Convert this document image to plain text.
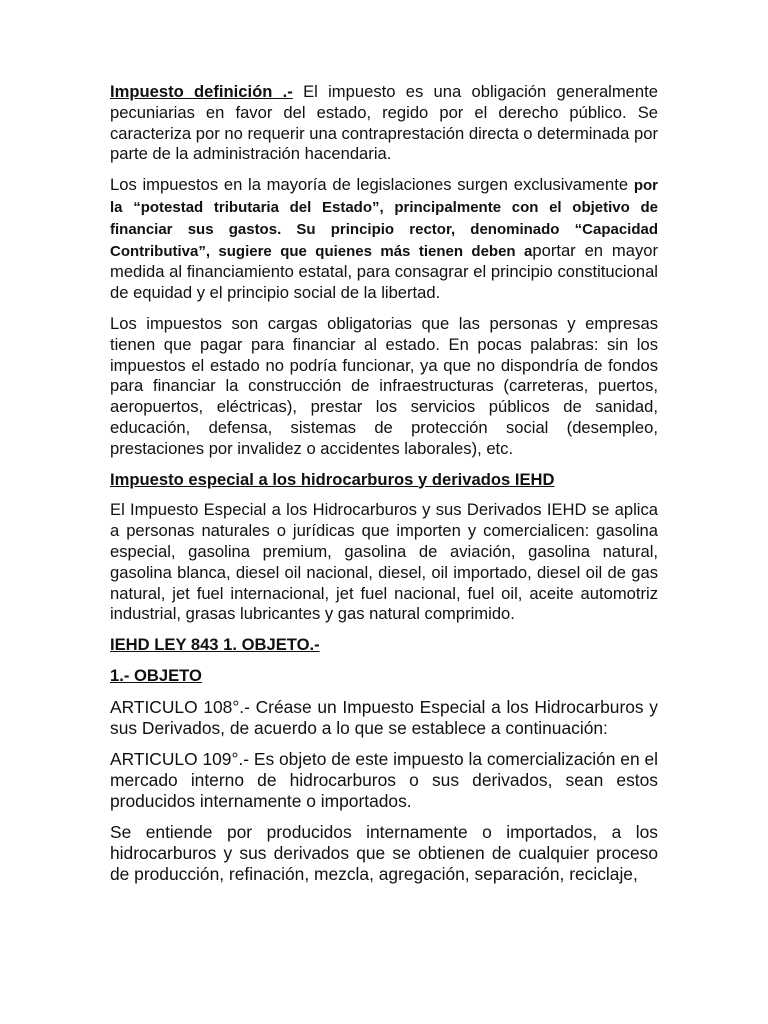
Impuesto definición .- El impuesto es una obligación generalmente pecuniarias en favor del estado, regido por el derecho público. Se caracteriza por no requerir una contraprestación directa o determinada por parte de la administración hacendaria.

Los impuestos en la mayoría de legislaciones surgen exclusivamente por la “potestad tributaria del Estado”, principalmente con el objetivo de financiar sus gastos. Su principio rector, denominado “Capacidad Contributiva”, sugiere que quienes más tienen deben aportar en mayor medida al financiamiento estatal, para consagrar el principio constitucional de equidad y el principio social de la libertad.

Los impuestos son cargas obligatorias que las personas y empresas tienen que pagar para financiar al estado. En pocas palabras: sin los impuestos el estado no podría funcionar, ya que no dispondría de fondos para financiar la construcción de infraestructuras (carreteras, puertos, aeropuertos, eléctricas), prestar los servicios públicos de sanidad, educación, defensa, sistemas de protección social (desempleo, prestaciones por invalidez o accidentes laborales), etc.

Impuesto especial a los hidrocarburos y derivados IEHD

El Impuesto Especial a los Hidrocarburos y sus Derivados IEHD se aplica a personas naturales o jurídicas que importen y comercialicen: gasolina especial, gasolina premium, gasolina de aviación, gasolina natural, gasolina blanca, diesel oil nacional, diesel, oil importado, diesel oil de gas natural, jet fuel internacional, jet fuel nacional, fuel oil, aceite automotriz industrial, grasas lubricantes y gas natural comprimido.

IEHD LEY 843 1. OBJETO.-
1.- OBJETO

ARTICULO 108°.- Créase un Impuesto Especial a los Hidrocarburos y sus Derivados, de acuerdo a lo que se establece a continuación:

ARTICULO 109°.- Es objeto de este impuesto la comercialización en el mercado interno de hidrocarburos o sus derivados, sean estos producidos internamente o importados.

Se entiende por producidos internamente o importados, a los hidrocarburos y sus derivados que se obtienen de cualquier proceso de producción, refinación, mezcla, agregación, separación, reciclaje,
